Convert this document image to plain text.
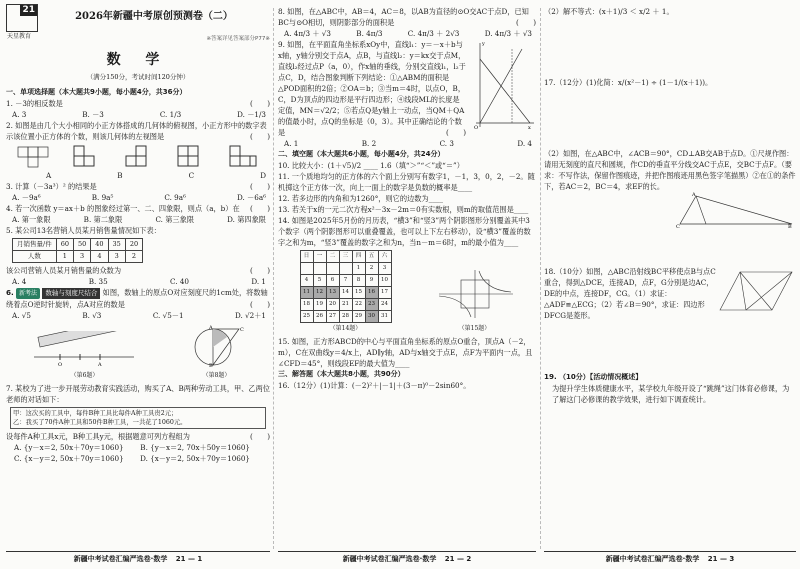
21
天星教育
2026年新疆中考原创预测卷（二）
※答案详见答案部分P77※
数 学
（满分150分，考试时间120分钟）
一、单项选择题（本大题共9小题，每小题4分，共36分）

1. －3的相反数是	(　　)

A. 3	B. －3	C. 1/3	D. －1/3

2. 如图是由几个大小相同的小正方体搭成的几何体的俯视图，小正方形中的数字表示该位置小正方体的个数，则该几何体的左视图是	(　　)

A	B	C	D

3. 计算（－3a³）² 的结果是	(　　)

A. －9a⁶	B. 9a⁵	C. 9a⁶	D. －6a⁶

4. 若一次函数 y＝ax＋b 的图象经过第一、二、四象限，则点（a，b）在 (　　)

A. 第一象限	B. 第二象限	C. 第三象限	D. 第四象限

5. 某公司13名营销人员某月销售量情况如下表：

月销售量/件	60	50	40	35	20
人数	1	3	4	3	2

该公司营销人员某月销售量的众数为	(　　)

A. 4	B. 35	C. 40	D. 1

6. 新考法 数轴与刻度尺结合 如图，数轴上的原点O对应刻度尺的1cm处，将数轴绕着点O逆时针旋转，点A对应的数是	(　　)

A. √5	B. √3	C. √5－1	D. √2＋1
O	A
（第6题）
A
B
C
（第8题）

7. 某校为了进一步开展劳动教育实践活动，购买了A、B两种劳动工具，甲、乙两位老师的对话如下：

甲：这次买的工具中，每件B种工具比每件A种工具贵2元；
乙：我买了70件A种工具和50件B种工具，一共花了1060元。

设每件A种工具x元，B种工具y元，根据题意可列方程组为	(　　)

A. {y－x＝2, 50x＋70y＝1060} B. {y－x＝2, 70x＋50y＝1060}
C. {x－y＝2, 50x＋70y＝1060} D. {x－y＝2, 50x＋70y＝1060}
新疆中考试卷汇编严选卷·数学 21 — 1

8. 如图，在△ABC中，AB＝4，AC＝8，以AB为直径的⊙O交AC于点D，已知BC与⊙O相切，则阴影部分的面积是	(　　)

A. 4π/3 ＋ √3	B. 4π/3	C. 4π/3 ＋ 2√3	D. 4π/3 ＋ √3

9. 如图，在平面直角坐标系xOy中，直线l₁：y＝－x＋b与x轴，y轴分别交于点A，点B，与直线l₂：y＝kx交于点M，直线l₂经过点P（a，0），作x轴的垂线，分别交直线l₁，l₂于点C，D，结合图象判断下列结论：①△ABM的面积是△POD面积的2倍；②OA＝b；③当m＝4时，以点O，B，C，D为顶点的四边形是平行四边形；④线段ML的长度是定值，MN＝√2/2；⑤若点Q是y轴上一动点，当QM＋QA的值最小时，点Q的坐标是（0，3）。其中正确结论的个数是	(　　) O	x
y
A. 1	B. 2	C. 3	D. 4
二、填空题（本大题共6小题，每小题4分，共24分）

10. 比较大小：(1＋√5)/2 ____ 1.6（填“＞”“＜”或“＝”）

11. 一个质地均匀的正方体的六个面上分别写有数字1，－1，3，0，2，－2。随机掷这个正方体一次，向上一面上的数字是负数的概率是____

12. 若多边形的内角和为1260°，则它的边数为____

13. 若关于x的一元二次方程x²－3x－2m＝0有实数根，则m的取值范围是____

14. 如图是2025年5月份的月历表，“横3”和“竖3”两个阴影图形分别覆盖其中3个数字（两个阴影图形可以重叠覆盖，也可以上下左右移动），设“横3”覆盖的数字之和为m，“竖3”覆盖的数字之和为n，当n－m＝6时，m的最小值为____

日	一	二	三	四	五	六
				1	2	3
4	5	6	7	8	9	10
11	12	13	14	15	16	17
18	19	20	21	22	23	24
25	26	27	28	29	30	31
（第14题）	（第15题）

15. 如图，正方形ABCD的中心与平面直角坐标系的原点O重合，顶点A（－2，m），C在双曲线y＝4/x上，AD∥y轴，AD与x轴交于点E，点F为平面内一点，且∠CFD＝45°，则线段EF的最大值为____

三、解答题（本大题共8小题，共90分）

16.（12分）(1)计算：(－2)²＋|－1|＋(3－π)⁰－2sin60°。

新疆中考试卷汇编严选卷·数学 21 — 2

（2）解不等式：(x＋1)/3 ＜ x/2 ＋ 1。

17.（12分）(1)化简：x/(x²－1) ÷ (1－1/(x＋1))。

（2）如图，在△ABC中，∠ACB＝90°，CD⊥AB交AB于点D。①尺规作图：请用无刻度的直尺和圆规，作CD的垂直平分线交AC于点E，交BC于点F。（要求：不写作法，保留作图痕迹，并把作图痕迹用黑色签字笔描黑）②在①的条件下，若AC＝2，BC＝4，求EF的长。

A
C	B

18.（10分）如图，△ABC沿射线BC平移使点B与点C重合，得到△DCE，连接AD，点F，G分别是边AC，DE的中点，连接DF，CG。（1）求证：△ADF≌△ECG；（2）若∠B＝90°，求证：四边形DFCG是菱形。

19. （10分）【活动情况概述】

为提升学生体质健康水平，某学校九年级开设了“跳绳”这门体育必修课，为了解这门必修课的教学效果，进行如下调查统计。

新疆中考试卷汇编严选卷·数学 21 — 3
